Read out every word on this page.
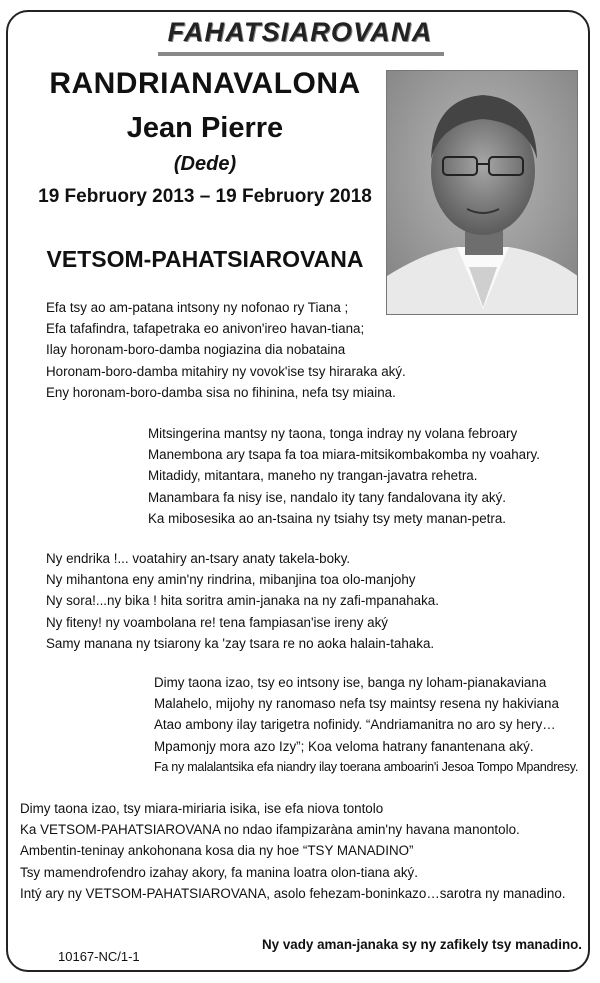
FAHATSIAROVANA
RANDRIANAVALONA
Jean Pierre
(Dede)
19 Februory 2013 – 19 Februory 2018
VETSOM-PAHATSIAROVANA
Efa tsy ao am-patana intsony ny nofonao ry Tiana ;
Efa tafafindra, tafapetraka eo anivon'ireo havan-tiana;
Ilay horonam-boro-damba nogiazina dia nobataina
Horonam-boro-damba mitahiry ny vovok'ise tsy hiraraka aký.
Eny horonam-boro-damba sisa no fihinina, nefa tsy miaina.
Mitsingerina mantsy ny taona, tonga indray ny volana febroary
Manembona ary tsapa fa toa miara-mitsikombakomba ny voahary.
Mitadidy, mitantara, maneho ny trangan-javatra rehetra.
Manambara fa nisy ise, nandalo ity tany fandalovana ity aký.
Ka mibosesika ao an-tsaina ny tsiahy tsy mety manan-petra.
Ny endrika !... voatahiry an-tsary anaty takela-boky.
Ny mihantona eny amin'ny rindrina, mibanjina toa olo-manjohy
Ny sora!...ny bika ! hita soritra amin-janaka na ny zafi-mpanahaka.
Ny fiteny! ny voambolana re! tena fampiasan'ise ireny aký
Samy manana ny tsiarony ka 'zay tsara re no aoka halain-tahaka.
Dimy taona izao, tsy eo intsony ise, banga ny loham-pianakaviana
Malahelo, mijohy ny ranomaso nefa tsy maintsy resena ny hakiviana
Atao ambony ilay tarigetra nofinidy. “Andriamanitra no aro sy hery…
Mpamonjy mora azo Izy”; Koa veloma hatrany fanantenana aký.
Fa ny malalantsika efa niandry ilay toerana amboarin'i Jesoa Tompo Mpandresy.
Dimy taona izao, tsy miara-miriaria isika, ise efa niova tontolo
Ka VETSOM-PAHATSIAROVANA no ndao ifampizaràna amin'ny havana manontolo.
Ambentin-teninay ankohonana kosa dia ny hoe “TSY MANADINO”
Tsy mamendrofendro izahay akory, fa manina loatra olon-tiana aký.
Intý ary ny VETSOM-PAHATSIAROVANA, asolo fehezam-boninkazo…sarotra ny manadino.
10167-NC/1-1
Ny vady aman-janaka sy ny zafikely tsy manadino.
